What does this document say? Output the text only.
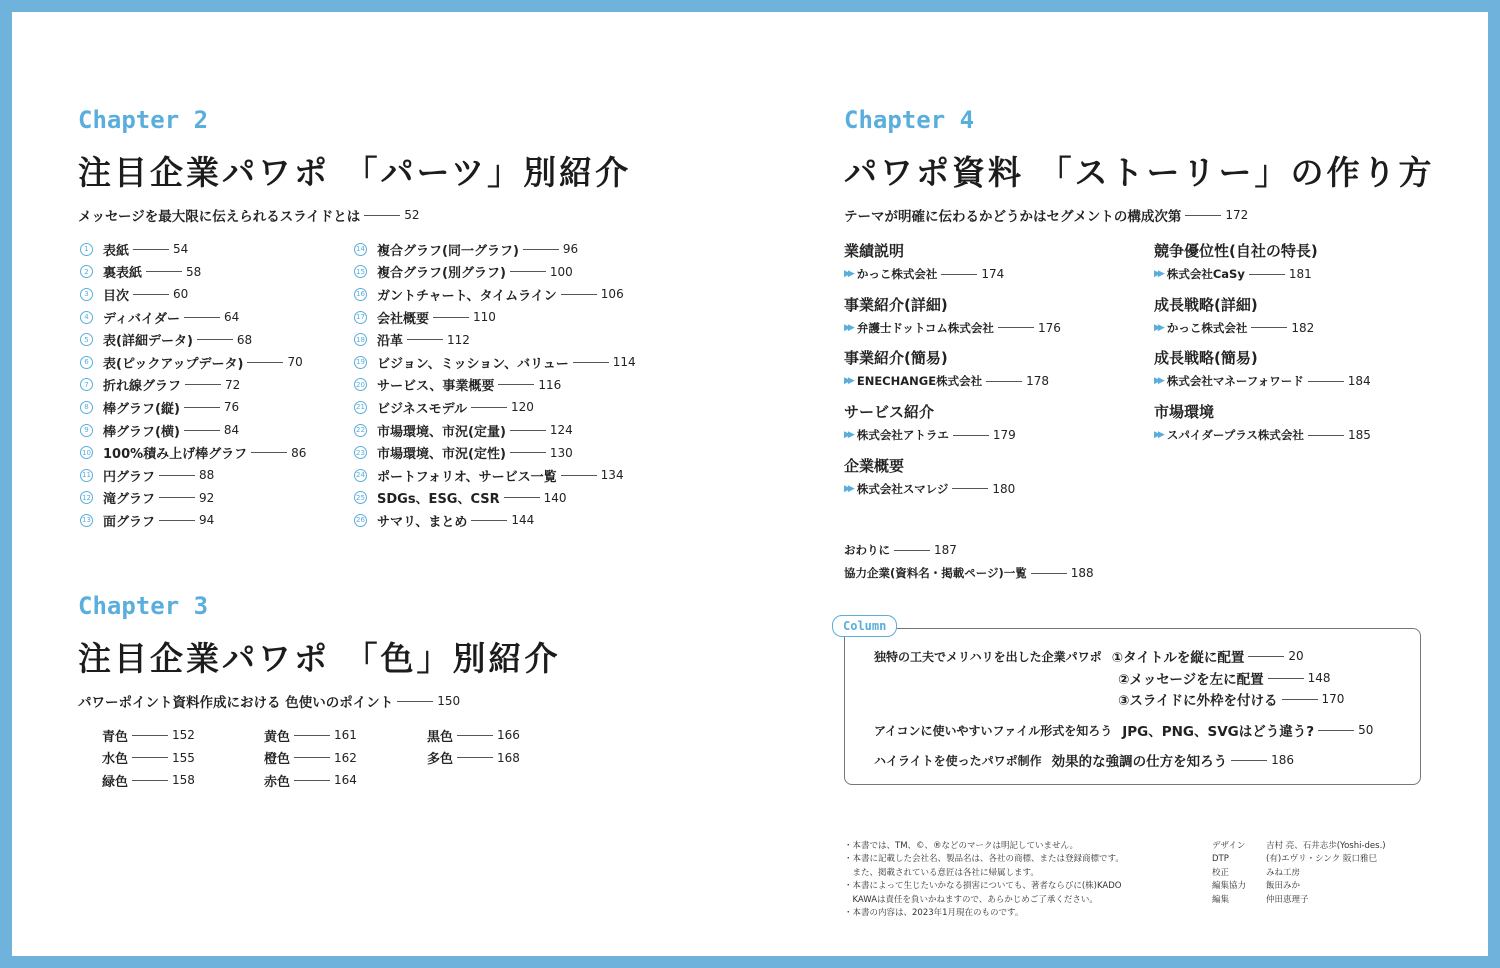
Chapter 2
注目企業パワポ 「パーツ」別紹介
メッセージを最大限に伝えられるスライドとは	52
1	表紙	54
2	裏表紙	58
3	目次	60
4	ディバイダー	64
5	表(詳細データ)	68
6	表(ピックアップデータ)	70
7	折れ線グラフ	72
8	棒グラフ(縦)	76
9	棒グラフ(横)	84
10 100%積み上げ棒グラフ	86
11 円グラフ	88
12 滝グラフ	92
13 面グラフ	94
14 複合グラフ(同一グラフ)	96
15 複合グラフ(別グラフ)	100
16 ガントチャート、タイムライン	106
17 会社概要	110
18 沿革	112
19 ビジョン、ミッション、バリュー	114
20 サービス、事業概要	116
21 ビジネスモデル	120
22 市場環境、市況(定量)	124
23 市場環境、市況(定性)	130
24 ポートフォリオ、サービス一覧	134
25 SDGs、ESG、CSR	140
26 サマリ、まとめ	144
Chapter 3
注目企業パワポ 「色」別紹介
パワーポイント資料作成における 色使いのポイント	150
青色	152
水色	155
緑色	158
黄色	161
橙色	162
赤色	164
黒色	166
多色	168
Chapter 4
パワポ資料 「ストーリー」の作り方
テーマが明確に伝わるかどうかはセグメントの構成次第	172
業績説明
▶▶ かっこ株式会社	174
事業紹介(詳細)
▶▶ 弁護士ドットコム株式会社	176
事業紹介(簡易)
▶▶ ENECHANGE株式会社	178
サービス紹介
▶▶ 株式会社アトラエ	179
企業概要
▶▶ 株式会社スマレジ	180
競争優位性(自社の特長)
▶▶ 株式会社CaSy	181
成長戦略(詳細)
▶▶ かっこ株式会社	182
成長戦略(簡易)
▶▶ 株式会社マネーフォワード	184
市場環境
▶▶ スパイダープラス株式会社	185
おわりに	187
協力企業(資料名・掲載ページ)一覧	188
Column
独特の工夫でメリハリを出した企業パワポ ①タイトルを縦に配置	20
②メッセージを左に配置	148
③スライドに外枠を付ける	170
アイコンに使いやすいファイル形式を知ろう JPG、PNG、SVGはどう違う?	50
ハイライトを使ったパワポ制作 効果的な強調の仕方を知ろう	186
・本書では、TM、©、®などのマークは明記していません。
・本書に記載した会社名、製品名は、各社の商標、または登録商標です。
　また、掲載されている意匠は各社に帰属します。
・本書によって生じたいかなる損害についても、著者ならびに(株)KADO
　KAWAは責任を負いかねますので、あらかじめご了承ください。
・本書の内容は、2023年1月現在のものです。
デザイン	吉村 亮、石井志歩(Yoshi-des.)
DTP	(有)エヴリ・シンク 阪口雅巳
校正	みね工房
編集協力	飯田みか
編集	仲田恵理子
